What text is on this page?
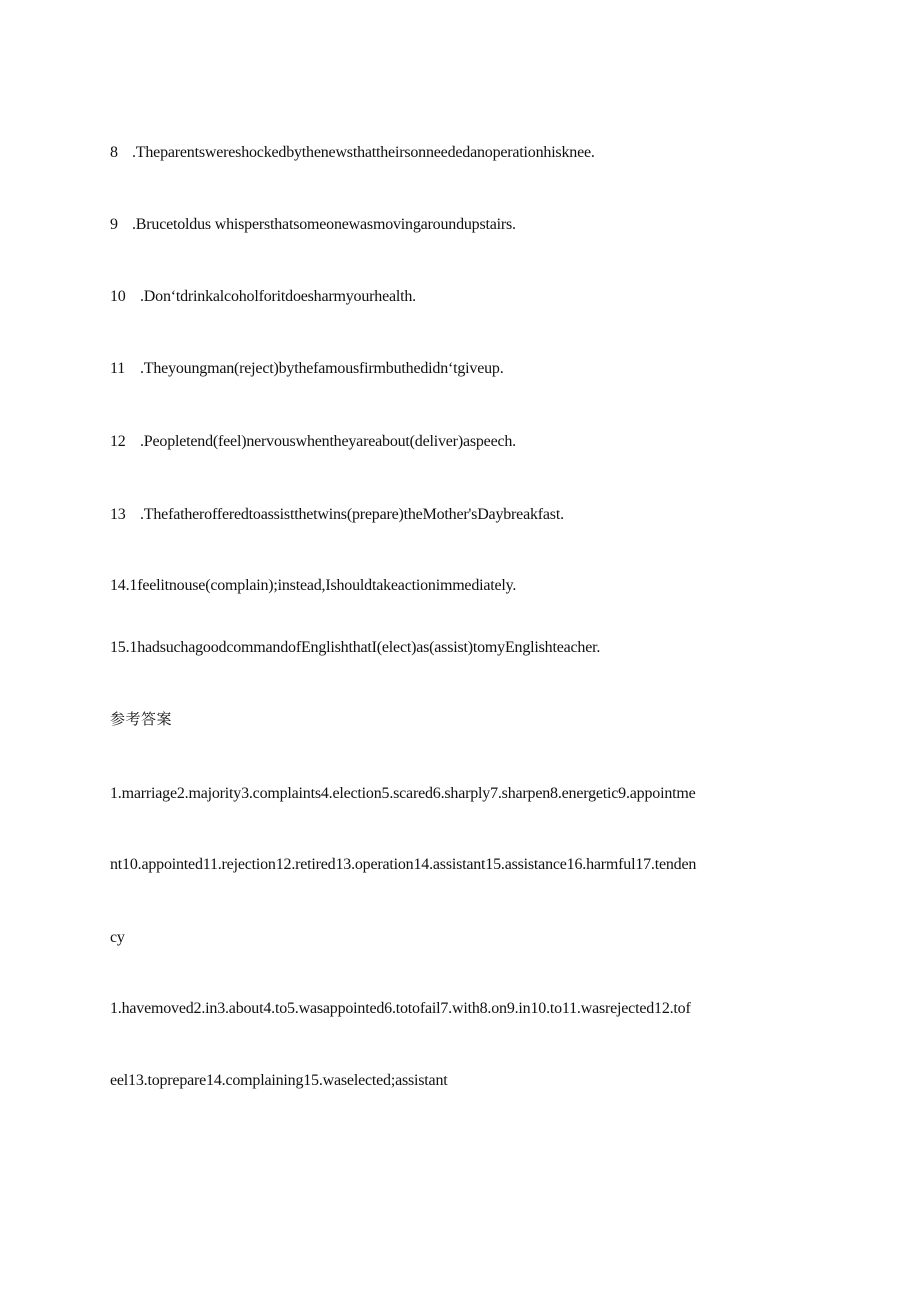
8 .Theparentswereshockedbythenewsthattheirsonneededanoperationhisknee.
9 .Brucetoldus whispersthatsomeonewasmovingaroundupstairs.
10 .Donʻtdrinkalcoholforitdoesharmyourhealth.
11 .Theyoungman(reject)bythefamousfirmbuthedidnʻtgiveup.
12 .Peopletend(feel)nervouswhentheyareabout(deliver)aspeech.
13 .Thefatherofferedtoassistthetwins(prepare)theMother'sDaybreakfast.
14.1feelitnouse(complain);instead,Ishouldtakeactionimmediately.
15.1hadsuchagoodcommandofEnglishthatI(elect)as(assist)tomyEnglishteacher.
参考答案
1.marriage2.majority3.complaints4.election5.scared6.sharply7.sharpen8.energetic9.appointme
nt10.appointed11.rejection12.retired13.operation14.assistant15.assistance16.harmful17.tenden
cy
1.havemoved2.in3.about4.to5.wasappointed6.totofail7.with8.on9.in10.to11.wasrejected12.tof
eel13.toprepare14.complaining15.waselected;assistant
